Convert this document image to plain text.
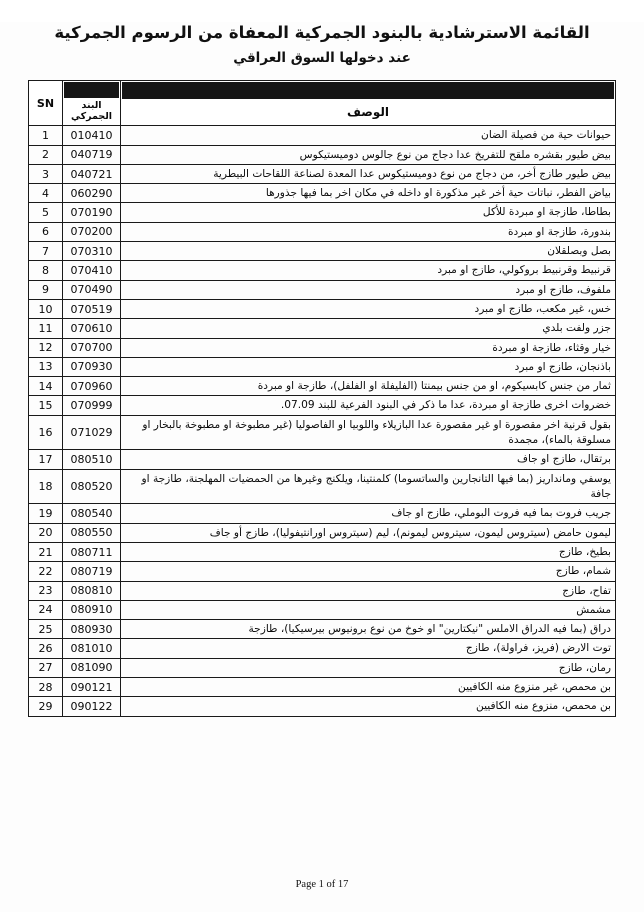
القائمة الاسترشادية بالبنود الجمركية المعفاة من الرسوم الجمركية
عند دخولها السوق العراقي
الوصف	البند الجمركي	SN
حيوانات حية من فصيلة الضان	010410	1
بيض طيور بقشره ملقح للتفريخ عدا دجاج من نوع جالوس دوميستيكوس	040719	2
بيض طيور طازج أخر، من دجاج من نوع دوميستيكوس عدا المعدة لصناعة اللقاحات البيطرية	040721	3
بياض الفطر، نباتات حية أخر غير مذكورة او داخله في مكان اخر بما فيها جذورها	060290	4
بطاطا، طازجة او مبردة للأكل	070190	5
بندورة، طازجة او مبردة	070200	6
بصل وبصلقلان	070310	7
قرنبيط وقرنبيط بروكولي، طازج او مبرد	070410	8
ملفوف، طازج او مبرد	070490	9
خس، غير مكعب، طازج او مبرد	070519	10
جزر ولفت بلدي	070610	11
خيار وقثاء، طازجة او مبردة	070700	12
باذنجان، طازج او مبرد	070930	13
ثمار من جنس كابسيكوم، او من جنس بيمنتا (الفليفلة او الفلفل)، طازجة او مبردة	070960	14
خضروات اخرى طازجة او مبردة، عدا ما ذكر في البنود الفرعية للبند 07.09.	070999	15
بقول قرنية اخر مقصورة او غير مقصورة عدا البازيلاء واللوبيا او الفاصوليا (غير مطبوخة او مطبوخة بالبخار او مسلوقة بالماء)، مجمدة	071029	16
برتقال، طازج او جاف	080510	17
يوسفي ومانداريز (بما فيها التانجارين والساتسوما) كلمنتينا، ويلكنج وغيرها من الحمضيات المهلجنة، طازجة او جافة	080520	18
جريب فروت بما فيه فروت البوملي، طازج او جاف	080540	19
ليمون حامض (سيتروس ليمون، سيتروس ليمونم)، ليم (سيتروس اورانتيفوليا)، طازج أو جاف	080550	20
بطيخ، طازج	080711	21
شمام، طازج	080719	22
تفاح، طازج	080810	23
مشمش	080910	24
دراق (بما فيه الدراق الاملس "نيكتارين" او خوخ من نوع برونيوس بيرسيكيا)، طازجة	080930	25
توت الارض (فريز، فراولة)، طازج	081010	26
رمان، طازج	081090	27
بن محمص، غير منزوع منه الكافيين	090121	28
بن محمص، منزوع منه الكافيين	090122	29
Page 1 of 17
